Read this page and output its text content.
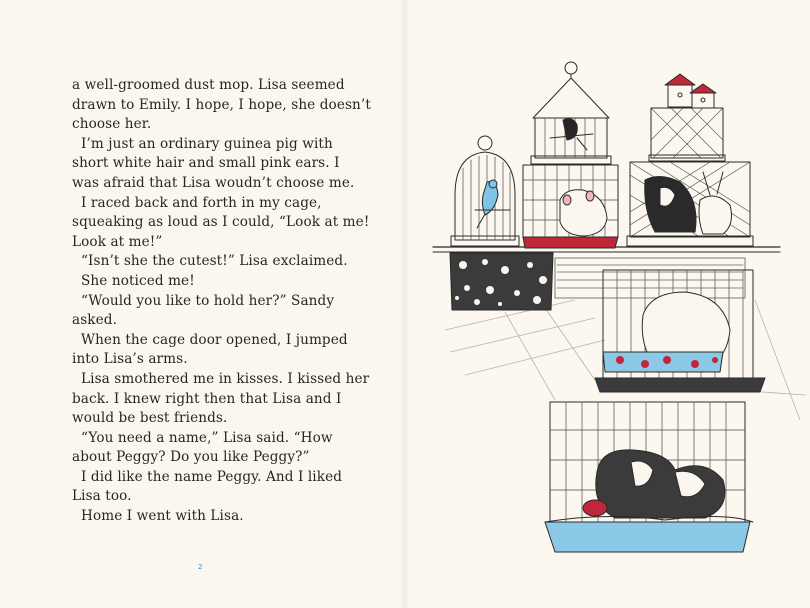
a well-groomed dust mop. Lisa seemed
drawn to Emily. I hope, I hope, she doesn’t
choose her.
I’m just an ordinary guinea pig with
short white hair and small pink ears. I
was afraid that Lisa woudn’t choose me.
I raced back and forth in my cage,
squeaking as loud as I could, “Look at me!
Look at me!”
“Isn’t she the cutest!” Lisa exclaimed.
She noticed me!
“Would you like to hold her?” Sandy
asked.
When the cage door opened, I jumped
into Lisa’s arms.
Lisa smothered me in kisses. I kissed her
back. I knew right then that Lisa and I
would be best friends.
“You need a name,” Lisa said. “How
about Peggy? Do you like Peggy?”
I did like the name Peggy. And I liked
Lisa too.
Home I went with Lisa.
2
